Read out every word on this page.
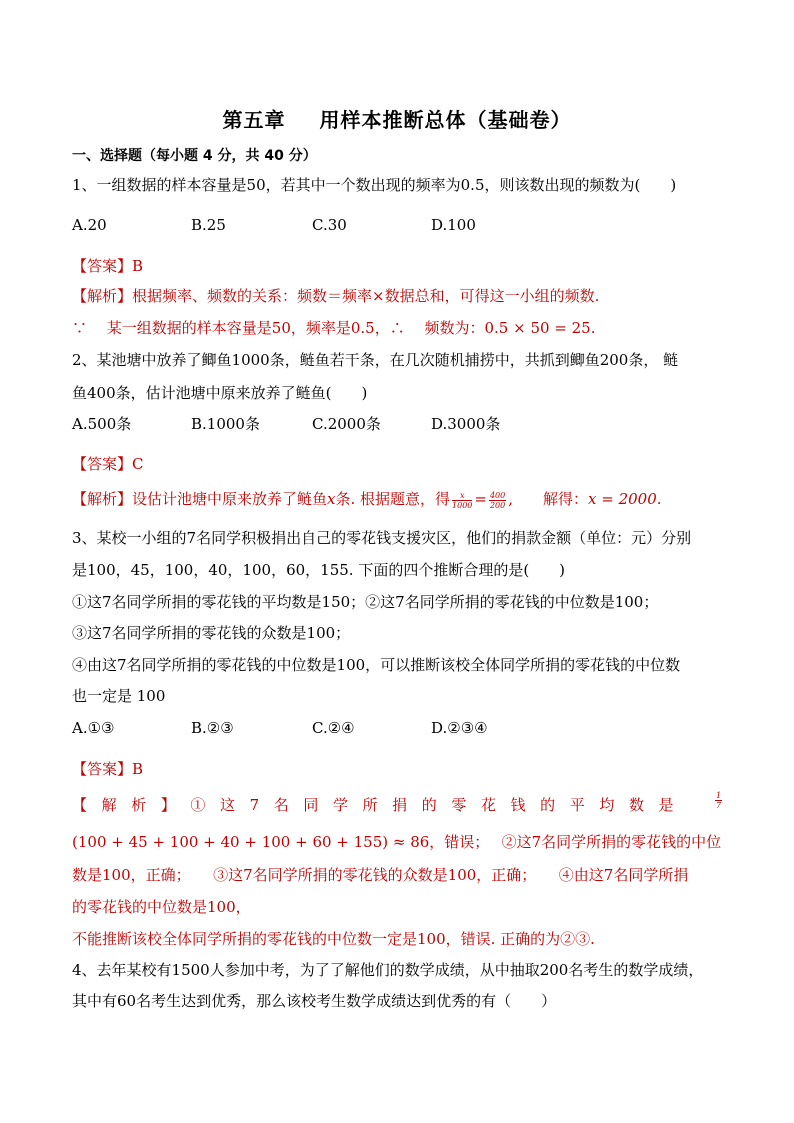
第五章 用样本推断总体（基础卷）
一、选择题（每小题 4 分，共 40 分）
1、一组数据的样本容量是50，若其中一个数出现的频率为0.5，则该数出现的频数为(　　)
A.20	B.25	C.30	D.100
【答案】B
【解析】根据频率、频数的关系：频数＝频率×数据总和，可得这一小组的频数.
∵　 某一组数据的样本容量是50，频率是0.5，∴　 频数为：0.5 × 50 = 25.
2、某池塘中放养了鲫鱼1000条，鲢鱼若干条，在几次随机捕捞中，共抓到鲫鱼200条， 鲢
鱼400条，估计池塘中原来放养了鲢鱼(　　)
A.500条	B.1000条	C.2000条	D.3000条
【答案】C
【解析】设估计池塘中原来放养了鲢鱼x条. 根据题意，得 $\frac{x}{1000} = \frac{400}{200}$ ,　　解得：x = 2000.
3、某校一小组的7名同学积极捐出自己的零花钱支援灾区，他们的捐款金额（单位：元）分别
是100，45，100，40，100，60，155. 下面的四个推断合理的是(　　)
①这7名同学所捐的零花钱的平均数是150；②这7名同学所捐的零花钱的中位数是100；
③这7名同学所捐的零花钱的众数是100；
④由这7名同学所捐的零花钱的中位数是100，可以推断该校全体同学所捐的零花钱的中位数
也一定是 100
A.①③	B.②③	C.②④	D.②③④
【答案】B
【解析】①这7名同学所捐的零花钱的平均数是	$\frac{1}{7}$
(100 + 45 + 100 + 40 + 100 + 60 + 155) ≈ 86，错误；　 ②这7名同学所捐的零花钱的中位
数是100，正确；　　③这7名同学所捐的零花钱的众数是100，正确；　　④由这7名同学所捐
的零花钱的中位数是100，
不能推断该校全体同学所捐的零花钱的中位数一定是100，错误. 正确的为②③.
4、去年某校有1500人参加中考，为了了解他们的数学成绩，从中抽取200名考生的数学成绩，
其中有60名考生达到优秀，那么该校考生数学成绩达到优秀的有（　　）
